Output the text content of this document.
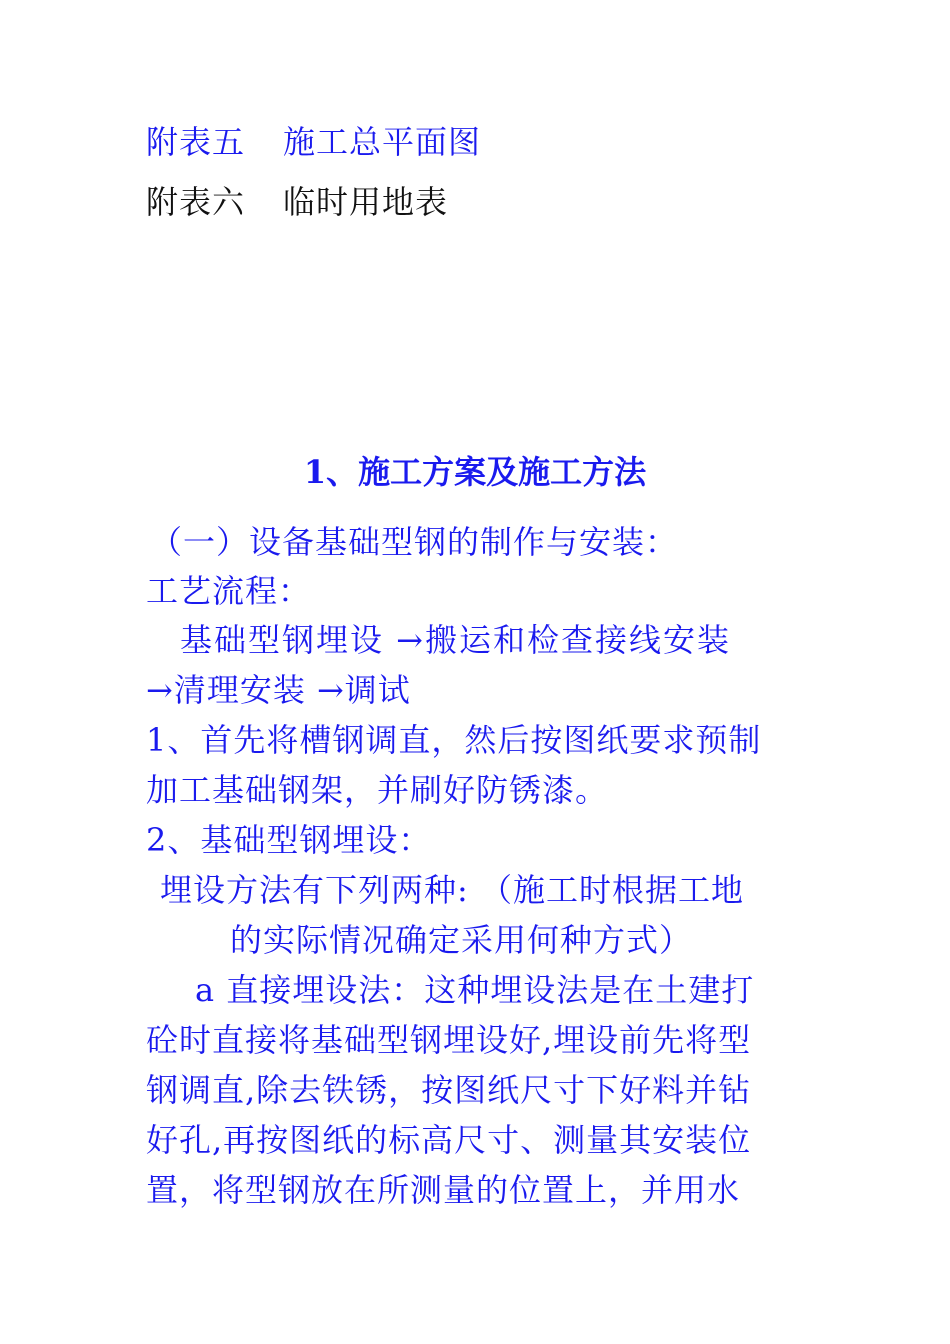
附表五 施工总平面图
附表六 临时用地表
1、施工方案及施工方法
（一）设备基础型钢的制作与安装：
工艺流程：
基础型钢埋设 →搬运和检查接线安装
→清理安装 →调试
1、首先将槽钢调直，然后按图纸要求预制
加工基础钢架，并刷好防锈漆。
2、基础型钢埋设：
埋设方法有下列两种: （施工时根据工地
的实际情况确定采用何种方式）
a 直接埋设法：这种埋设法是在土建打
砼时直接将基础型钢埋设好,埋设前先将型
钢调直,除去铁锈，按图纸尺寸下好料并钻
好孔,再按图纸的标高尺寸、测量其安装位
置，将型钢放在所测量的位置上，并用水
